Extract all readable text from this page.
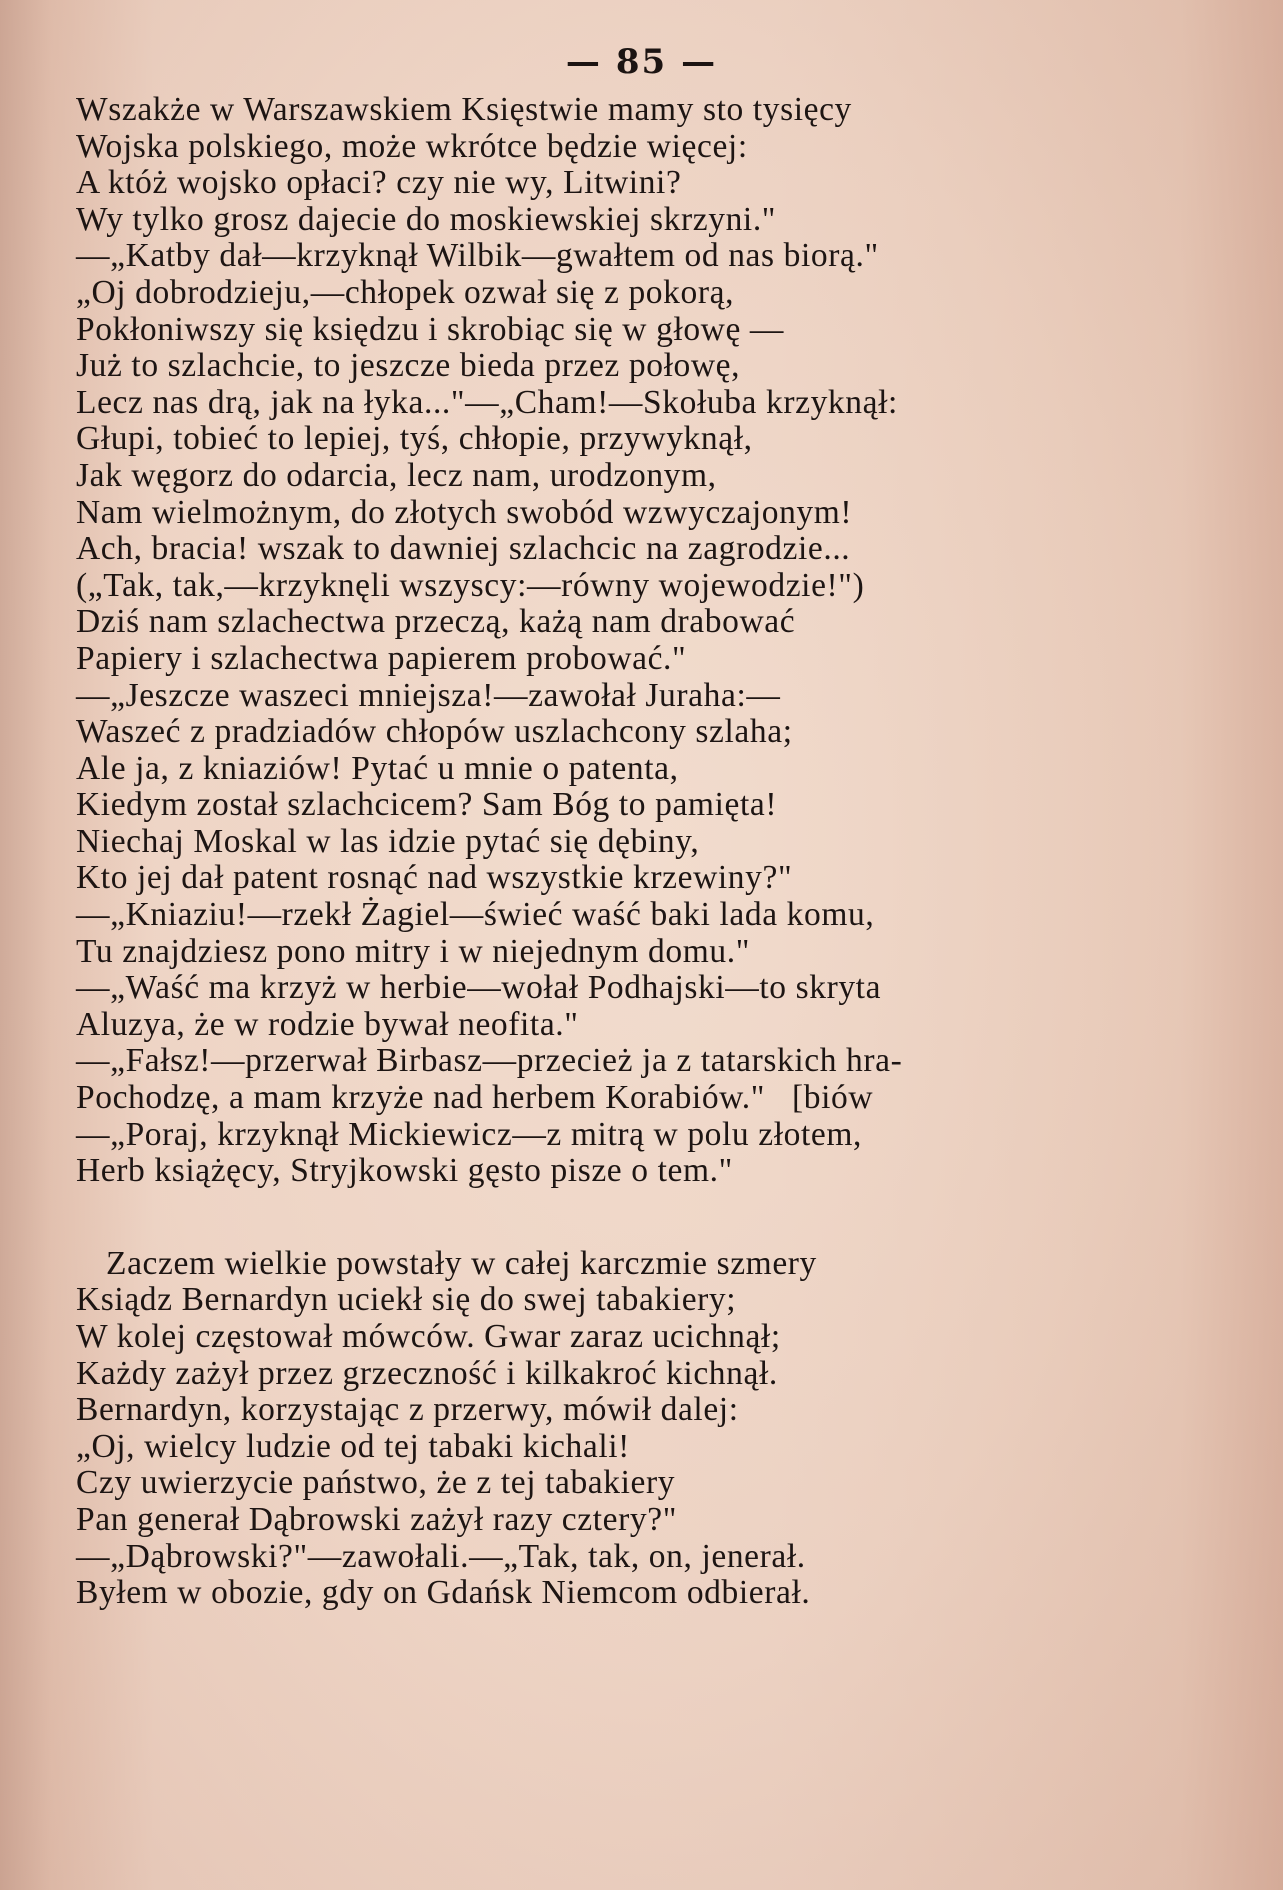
— 85 —
Wszakże w Warszawskiem Księstwie mamy sto tysięcy
Wojska polskiego, może wkrótce będzie więcej:
A któż wojsko opłaci? czy nie wy, Litwini?
Wy tylko grosz dajecie do moskiewskiej skrzyni."
—„Katby dał—krzyknął Wilbik—gwałtem od nas biorą."
„Oj dobrodzieju,—chłopek ozwał się z pokorą,
Pokłoniwszy się księdzu i skrobiąc się w głowę —
Już to szlachcie, to jeszcze bieda przez połowę,
Lecz nas drą, jak na łyka..."—„Cham!—Skołuba krzyknął:
Głupi, tobieć to lepiej, tyś, chłopie, przywyknął,
Jak węgorz do odarcia, lecz nam, urodzonym,
Nam wielmożnym, do złotych swobód wzwyczajonym!
Ach, bracia! wszak to dawniej szlachcic na zagrodzie...
(„Tak, tak,—krzyknęli wszyscy:—równy wojewodzie!")
Dziś nam szlachectwa przeczą, każą nam drabować
Papiery i szlachectwa papierem probować."
—„Jeszcze waszeci mniejsza!—zawołał Juraha:—
Waszeć z pradziadów chłopów uszlachcony szlaha;
Ale ja, z kniaziów! Pytać u mnie o patenta,
Kiedym został szlachcicem? Sam Bóg to pamięta!
Niechaj Moskal w las idzie pytać się dębiny,
Kto jej dał patent rosnąć nad wszystkie krzewiny?"
—„Kniaziu!—rzekł Żagiel—świeć waść baki lada komu,
Tu znajdziesz pono mitry i w niejednym domu."
—„Waść ma krzyż w herbie—wołał Podhajski—to skryta
Aluzya, że w rodzie bywał neofita."
—„Fałsz!—przerwał Birbasz—przecież ja z tatarskich hra-
Pochodzę, a mam krzyże nad herbem Korabiów."   [biów
—„Poraj, krzyknął Mickiewicz—z mitrą w polu złotem,
Herb książęcy, Stryjkowski gęsto pisze o tem."
Zaczem wielkie powstały w całej karczmie szmery
Ksiądz Bernardyn uciekł się do swej tabakiery;
W kolej częstował mówców. Gwar zaraz ucichnął;
Każdy zażył przez grzeczność i kilkakroć kichnął.
Bernardyn, korzystając z przerwy, mówił dalej:
„Oj, wielcy ludzie od tej tabaki kichali!
Czy uwierzycie państwo, że z tej tabakiery
Pan generał Dąbrowski zażył razy cztery?"
—„Dąbrowski?"—zawołali.—„Tak, tak, on, jenerał.
Byłem w obozie, gdy on Gdańsk Niemcom odbierał.
